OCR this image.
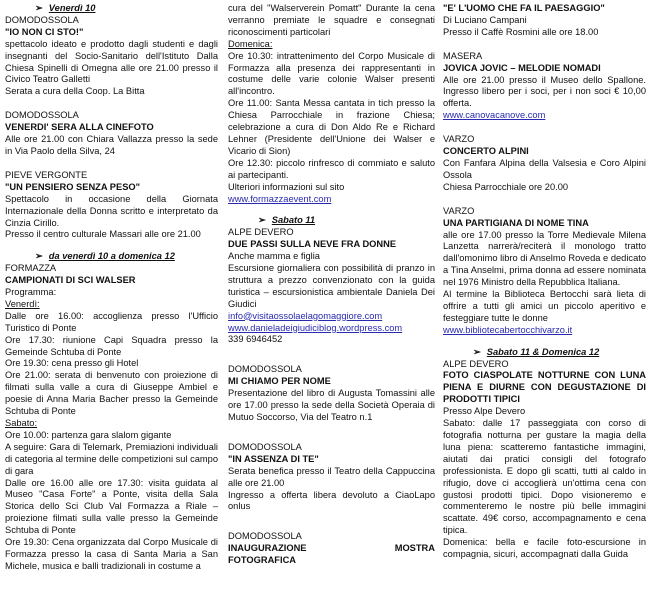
➢ Venerdì 10
DOMODOSSOLA
"IO NON CI STO!"
spettacolo ideato e prodotto dagli studenti e dagli insegnanti del Socio-Sanitario dell'Istituto Dalla Chiesa Spinelli di Omegna alle ore 21.00 presso il Civico Teatro Galletti
Serata a cura della Coop. La Bitta
DOMODOSSOLA
VENERDI' SERA ALLA CINEFOTO
Alle ore 21.00 con Chiara Vallazza presso la sede in Via Paolo della Silva, 24
PIEVE VERGONTE
"UN PENSIERO SENZA PESO"
Spettacolo in occasione della Giornata Internazionale della Donna scritto e interpretato da Cinzia Cirillo.
Presso il centro culturale Massari alle ore 21.00
➢ da venerdì 10 a domenica 12
FORMAZZA
CAMPIONATI DI SCI WALSER
Programma:
Venerdì:
Dalle ore 16.00: accoglienza presso l'Ufficio Turistico di Ponte
Ore 17.30: riunione Capi Squadra presso la Gemeinde Schtuba di Ponte
Ore 19.30: cena presso gli Hotel
Ore 21.00: serata di benvenuto con proiezione di filmati sulla valle a cura di Giuseppe Ambiel e poesie di Anna Maria Bacher presso la Gemeinde Schtuba di Ponte
Sabato:
Ore 10.00: partenza gara slalom gigante
A seguire: Gara di Telemark, Premiazioni individuali di categoria al termine delle competizioni sul campo di gara
Dalle ore 16.00 alle ore 17.30: visita guidata al Museo "Casa Forte" a Ponte, visita della Sala Storica dello Sci Club Val Formazza a Riale – proiezione filmati sulla valle presso la Gemeinde Schtuba di Ponte
Ore 19.30: Cena organizzata dal Corpo Musicale di Formazza presso la casa di Santa Maria a San Michele, musica e balli tradizionali in costume a
cura del "Walserverein Pomatt" Durante la cena verranno premiate le squadre e consegnati riconoscimenti particolari
Domenica:
Ore 10.30: intrattenimento del Corpo Musicale di Formazza alla presenza dei rappresentanti in costume delle varie colonie Walser presenti all'incontro.
Ore 11.00: Santa Messa cantata in tich presso la Chiesa Parrocchiale in frazione Chiesa; celebrazione a cura di Don Aldo Re e Richard Lehner (Presidente dell'Unione dei Walser e Vicario di Sion)
Ore 12.30: piccolo rinfresco di commiato e saluto ai partecipanti.
Ulteriori informazioni sul sito
www.formazzaevent.com
➢ Sabato 11
ALPE DEVERO
DUE PASSI SULLA NEVE FRA DONNE
Anche mamma e figlia
Escursione giornaliera con possibilità di pranzo in struttura a prezzo convenzionato con la guida turistica – escursionistica ambientale Daniela Dei Giudici
info@visitaossolaelagomaggiore.com
www.danieladeigiudiciblog.wordpress.com
339 6946452
DOMODOSSOLA
MI CHIAMO PER NOME
Presentazione del libro di Augusta Tomassini alle ore 17.00 presso la sede della Società Operaia di Mutuo Soccorso, Via del Teatro n.1
DOMODOSSOLA
"IN ASSENZA DI TE"
Serata benefica presso il Teatro della Cappuccina alle ore 21.00
Ingresso a offerta libera devoluto a CiaoLapo onlus
DOMODOSSOLA
INAUGURAZIONE	MOSTRA
FOTOGRAFICA
"E' L'UOMO CHE FA IL PAESAGGIO"
Di Luciano Campani
Presso il Caffè Rosmini alle ore 18.00
MASERA
JOVICA JOVIC – MELODIE NOMADI
Alle ore 21.00 presso il Museo dello Spallone. Ingresso libero per i soci, per i non soci € 10,00 offerta.
www.canovacanove.com
VARZO
CONCERTO ALPINI
Con Fanfara Alpina della Valsesia e Coro Alpini Ossola
Chiesa Parrocchiale ore 20.00
VARZO
UNA PARTIGIANA DI NOME TINA
alle ore 17.00 presso la Torre Medievale Milena Lanzetta narrerà/reciterà il monologo tratto dall'omonimo libro di Anselmo Roveda e dedicato a Tina Anselmi, prima donna ad essere nominata nel 1976 Ministro della Repubblica Italiana.
Al termine la Biblioteca Bertocchi sarà lieta di offrire a tutti gli amici un piccolo aperitivo e festeggiare tutte le donne
www.bibliotecabertocchivarzo.it
➢ Sabato 11 & Domenica 12
ALPE DEVERO
FOTO CIASPOLATE NOTTURNE CON LUNA PIENA E DIURNE CON DEGUSTAZIONE DI PRODOTTI TIPICI
Presso Alpe Devero
Sabato: dalle 17 passeggiata con corso di fotografia notturna per gustare la magia della luna piena: scatteremo fantastiche immagini, aiutati dai pratici consigli del fotografo professionista. E dopo gli scatti, tutti al caldo in rifugio, dove ci accoglierà un'ottima cena con gustosi prodotti tipici. Dopo visioneremo e commenteremo le nostre più belle immagini scattate. 49€ corso, accompagnamento e cena tipica.
Domenica: bella e facile foto-escursione in compagnia, sicuri, accompagnati dalla Guida
